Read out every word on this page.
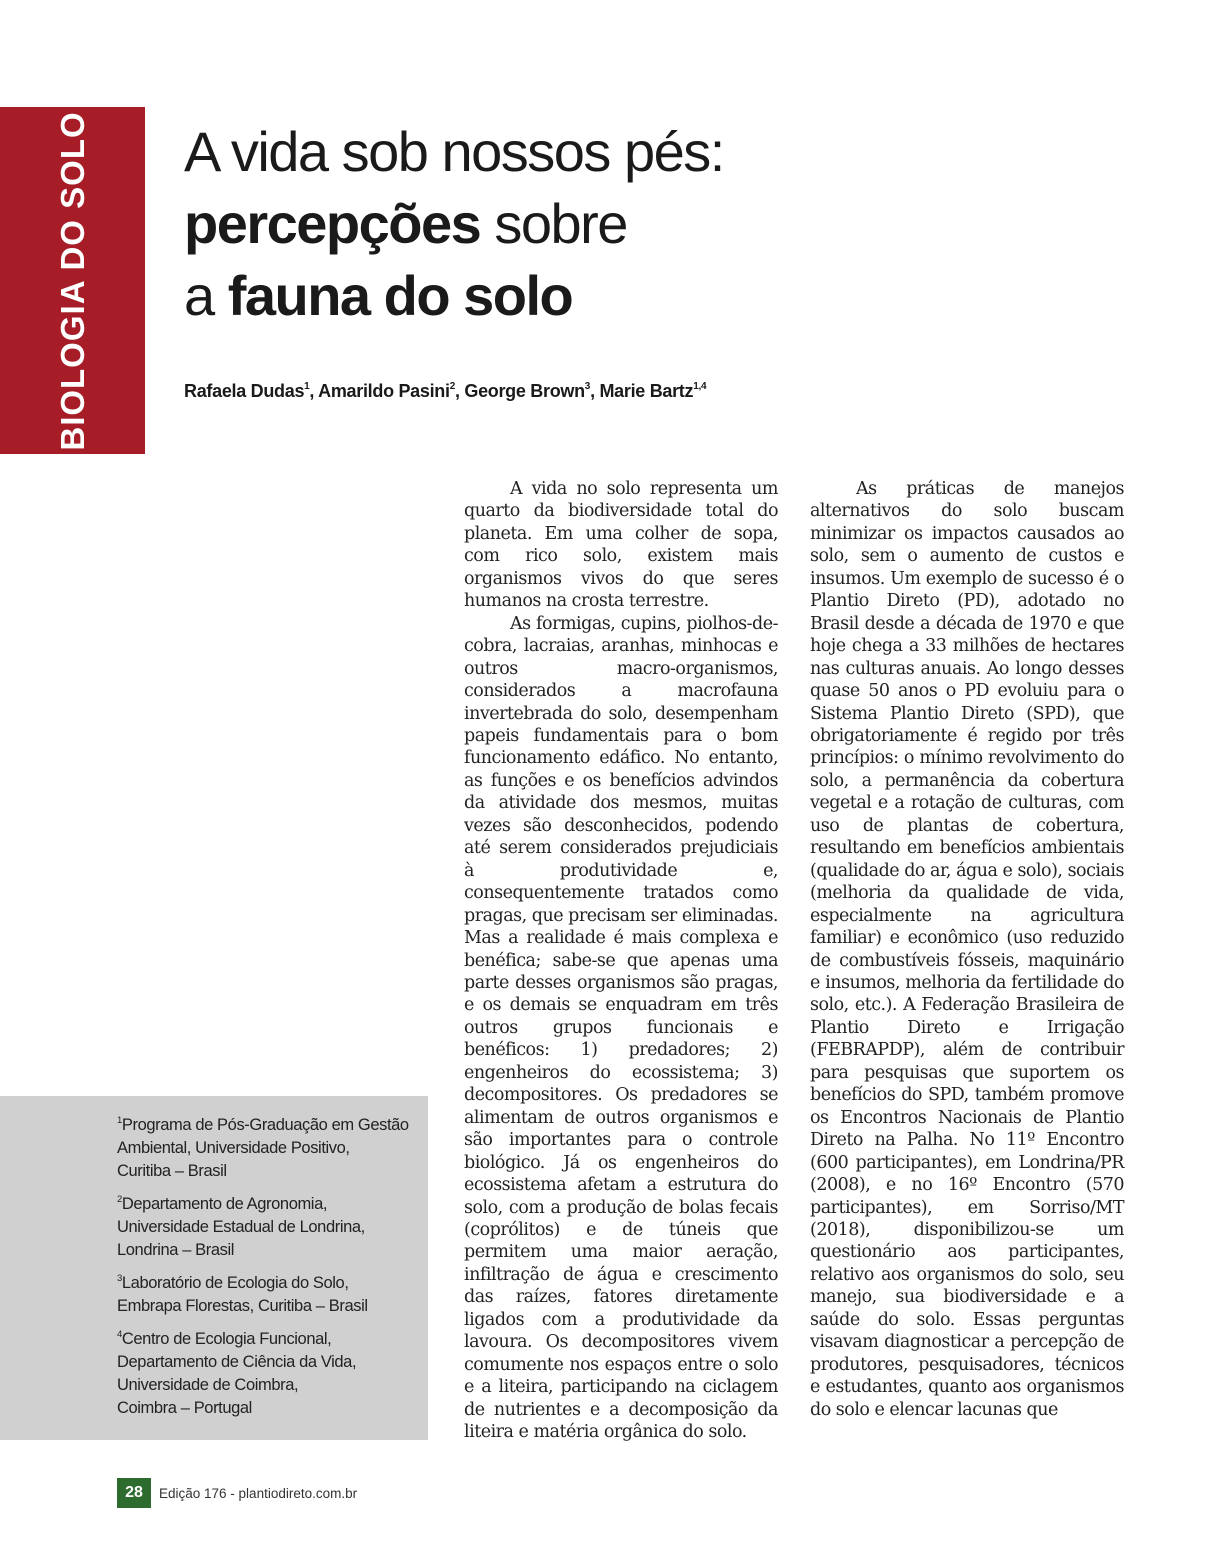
BIOLOGIA DO SOLO A vida sob nossos pés:
percepções sobre
a fauna do solo
Rafaela Dudas$^1$, Amarildo Pasini$^2$, George Brown$^3$, Marie Bartz$^{1,4}$

A vida no solo representa um quarto da biodiversidade total do planeta. Em uma colher de sopa, com rico solo, existem mais organismos vivos do que seres humanos na crosta terrestre.

As formigas, cupins, piolhos-de-cobra, lacraias, aranhas, minhocas e outros macro-organismos, considerados a macrofauna invertebrada do solo, desempenham papeis fundamentais para o bom funcionamento edáfico. No entanto, as funções e os benefícios advindos da atividade dos mesmos, muitas vezes são desconhecidos, podendo até serem considerados prejudiciais à produtividade e, consequentemente tratados como pragas, que precisam ser eliminadas. Mas a realidade é mais complexa e benéfica; sabe-se que apenas uma parte desses organismos são pragas, e os demais se enquadram em três outros grupos funcionais e benéficos: 1) predadores; 2) engenheiros do ecossistema; 3) decompositores. Os predadores se alimentam de outros organismos e são importantes para o controle biológico. Já os engenheiros do ecossistema afetam a estrutura do solo, com a produção de bolas fecais (coprólitos) e de túneis que permitem uma maior aeração, infiltração de água e crescimento das raízes, fatores diretamente ligados com a produtividade da lavoura. Os decompositores vivem comumente nos espaços entre o solo e a liteira, participando na ciclagem de nutrientes e a decomposição da liteira e matéria orgânica do solo.

As práticas de manejos alternativos do solo buscam minimizar os impactos causados ao solo, sem o aumento de custos e insumos. Um exemplo de sucesso é o Plantio Direto (PD), adotado no Brasil desde a década de 1970 e que hoje chega a 33 milhões de hectares nas culturas anuais. Ao longo desses quase 50 anos o PD evoluiu para o Sistema Plantio Direto (SPD), que obrigatoriamente é regido por três princípios: o mínimo revolvimento do solo, a permanência da cobertura vegetal e a rotação de culturas, com uso de plantas de cobertura, resultando em benefícios ambientais (qualidade do ar, água e solo), sociais (melhoria da qualidade de vida, especialmente na agricultura familiar) e econômico (uso reduzido de combustíveis fósseis, maquinário e insumos, melhoria da fertilidade do solo, etc.). A Federação Brasileira de Plantio Direto e Irrigação (FEBRAPDP), além de contribuir para pesquisas que suportem os benefícios do SPD, também promove os Encontros Nacionais de Plantio Direto na Palha. No 11º Encontro (600 participantes), em Londrina/PR (2008), e no 16º Encontro (570 participantes), em Sorriso/MT (2018), disponibilizou-se um questionário aos participantes, relativo aos organismos do solo, seu manejo, sua biodiversidade e a saúde do solo. Essas perguntas visavam diagnosticar a percepção de produtores, pesquisadores, técnicos e estudantes, quanto aos organismos do solo e elencar lacunas que

$^1$Programa de Pós-Graduação em Gestão
Ambiental, Universidade Positivo,
Curitiba – Brasil
$^2$Departamento de Agronomia,
Universidade Estadual de Londrina,
Londrina – Brasil
$^3$Laboratório de Ecologia do Solo,
Embrapa Florestas, Curitiba – Brasil
$^4$Centro de Ecologia Funcional,
Departamento de Ciência da Vida,
Universidade de Coimbra,
Coimbra – Portugal
28	Edição 176 - plantiodireto.com.br
